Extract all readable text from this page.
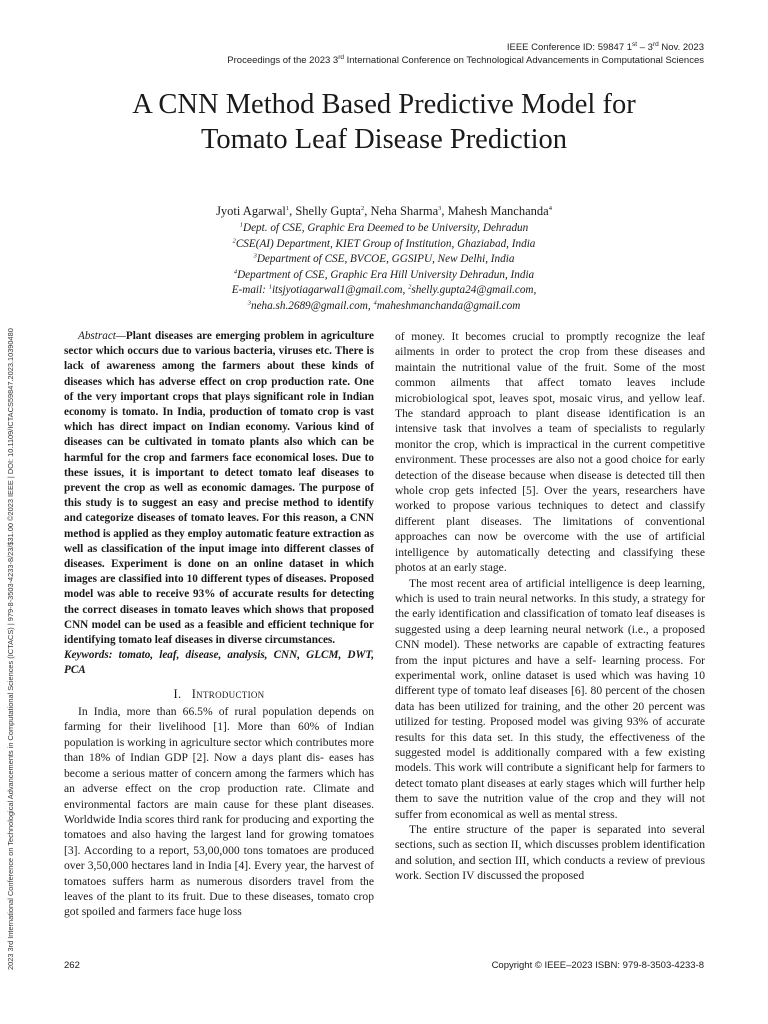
IEEE Conference ID: 59847 1st – 3rd Nov. 2023
Proceedings of the 2023 3rd International Conference on Technological Advancements in Computational Sciences
2023 3rd International Conference on Technological Advancements in Computational Sciences (ICTACS) | 979-8-3503-4233-8/23/$31.00 ©2023 IEEE | DOI: 10.1109/ICTACS59847.2023.10390480
A CNN Method Based Predictive Model for
Tomato Leaf Disease Prediction
Jyoti Agarwal$^1$, Shelly Gupta$^2$, Neha Sharma$^3$, Mahesh Manchanda$^4$
$^1$Dept. of CSE, Graphic Era Deemed to be University, Dehradun
$^2$CSE(AI) Department, KIET Group of Institution, Ghaziabad, India
$^3$Department of CSE, BVCOE, GGSIPU, New Delhi, India
$^4$Department of CSE, Graphic Era Hill University Dehradun, India
E-mail: $^1$itsjyotiagarwal1@gmail.com, $^2$shelly.gupta24@gmail.com,
$^3$neha.sh.2689@gmail.com, $^4$maheshmanchanda@gmail.com
Abstract—Plant diseases are emerging problem in agriculture sector which occurs due to various bacteria, viruses etc. There is lack of awareness among the farmers about these kinds of diseases which has adverse effect on crop production rate. One of the very important crops that plays significant role in Indian economy is tomato. In India, production of tomato crop is vast which has direct impact on Indian economy. Various kind of diseases can be cultivated in tomato plants also which can be harmful for the crop and farmers face economical loses. Due to these issues, it is important to detect tomato leaf diseases to prevent the crop as well as economic damages. The purpose of this study is to suggest an easy and precise method to identify and categorize diseases of tomato leaves. For this reason, a CNN method is applied as they employ automatic feature extraction as well as classification of the input image into different classes of diseases. Experiment is done on an online dataset in which images are classified into 10 different types of diseases. Proposed model was able to receive 93% of accurate results for detecting the correct diseases in tomato leaves which shows that proposed CNN model can be used as a feasible and efficient technique for identifying tomato leaf diseases in diverse circumstances.
Keywords: tomato, leaf, disease, analysis, CNN, GLCM, DWT, PCA
I. Introduction

In India, more than 66.5% of rural population depends on farming for their livelihood [1]. More than 60% of Indian population is working in agriculture sector which contributes more than 18% of Indian GDP [2]. Now a days plant dis- eases has become a serious matter of concern among the farmers which has an adverse effect on the crop production rate. Climate and environmental factors are main cause for these plant diseases. Worldwide India scores third rank for producing and exporting the tomatoes and also having the largest land for growing tomatoes [3]. According to a report, 53,00,000 tons tomatoes are produced over 3,50,000 hectares land in India [4]. Every year, the harvest of tomatoes suffers harm as numerous disorders travel from the leaves of the plant to its fruit. Due to these diseases, tomato crop got spoiled and farmers face huge loss

of money. It becomes crucial to promptly recognize the leaf ailments in order to protect the crop from these diseases and maintain the nutritional value of the fruit. Some of the most common ailments that affect tomato leaves include microbiological spot, leaves spot, mosaic virus, and yellow leaf. The standard approach to plant disease identification is an intensive task that involves a team of specialists to regularly monitor the crop, which is impractical in the current competitive environment. These processes are also not a good choice for early detection of the disease because when disease is detected till then whole crop gets infected [5]. Over the years, researchers have worked to propose various techniques to detect and classify different plant diseases. The limitations of conventional approaches can now be overcome with the use of artificial intelligence by automatically detecting and classifying these photos at an early stage.

The most recent area of artificial intelligence is deep learning, which is used to train neural networks. In this study, a strategy for the early identification and classification of tomato leaf diseases is suggested using a deep learning neural network (i.e., a proposed CNN model). These networks are capable of extracting features from the input pictures and have a self- learning process. For experimental work, online dataset is used which was having 10 different type of tomato leaf diseases [6]. 80 percent of the chosen data has been utilized for training, and the other 20 percent was utilized for testing. Proposed model was giving 93% of accurate results for this data set. In this study, the effectiveness of the suggested model is additionally compared with a few existing models. This work will contribute a significant help for farmers to detect tomato plant diseases at early stages which will further help them to save the nutrition value of the crop and they will not suffer from economical as well as mental stress.

The entire structure of the paper is separated into several sections, such as section II, which discusses problem identification and solution, and section III, which conducts a review of previous work. Section IV discussed the proposed

262	Copyright © IEEE–2023 ISBN: 979-8-3503-4233-8
